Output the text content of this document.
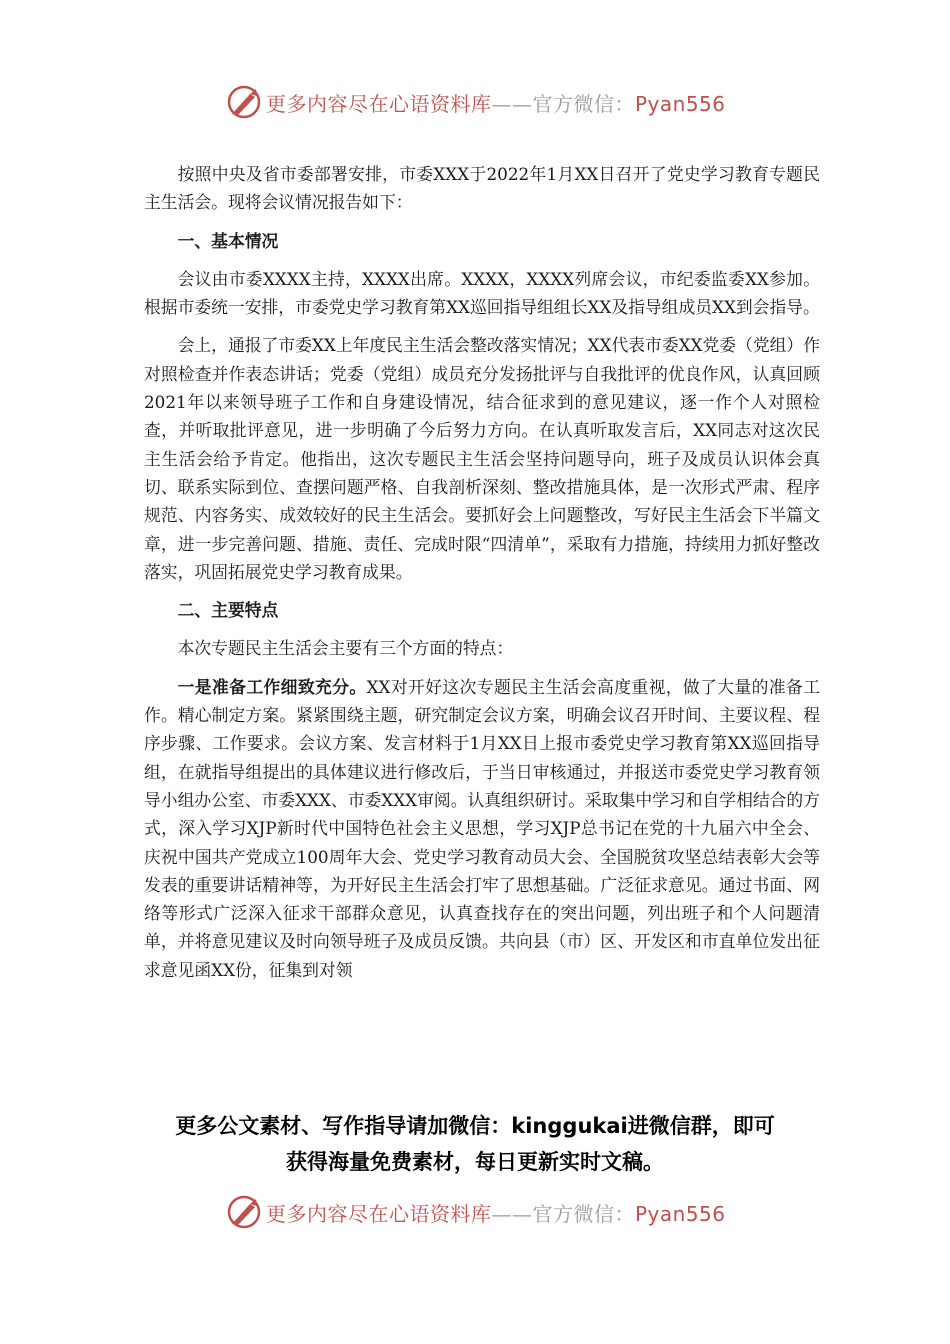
更多内容尽在心语资料库——官方微信：Pyan556

按照中央及省市委部署安排，市委XXX于2022年1月XX日召开了党史学习教育专题民主生活会。现将会议情况报告如下：

一、基本情况

会议由市委XXXX主持，XXXX出席。XXXX，XXXX列席会议，市纪委监委XX参加。根据市委统一安排，市委党史学习教育第XX巡回指导组组长XX及指导组成员XX到会指导。

会上，通报了市委XX上年度民主生活会整改落实情况；XX代表市委XX党委（党组）作对照检查并作表态讲话；党委（党组）成员充分发扬批评与自我批评的优良作风，认真回顾2021年以来领导班子工作和自身建设情况，结合征求到的意见建议，逐一作个人对照检查，并听取批评意见，进一步明确了今后努力方向。在认真听取发言后，XX同志对这次民主生活会给予肯定。他指出，这次专题民主生活会坚持问题导向，班子及成员认识体会真切、联系实际到位、查摆问题严格、自我剖析深刻、整改措施具体，是一次形式严肃、程序规范、内容务实、成效较好的民主生活会。要抓好会上问题整改，写好民主生活会下半篇文章，进一步完善问题、措施、责任、完成时限“四清单”，采取有力措施，持续用力抓好整改落实，巩固拓展党史学习教育成果。

二、主要特点

本次专题民主生活会主要有三个方面的特点：

一是准备工作细致充分。XX对开好这次专题民主生活会高度重视，做了大量的准备工作。精心制定方案。紧紧围绕主题，研究制定会议方案，明确会议召开时间、主要议程、程序步骤、工作要求。会议方案、发言材料于1月XX日上报市委党史学习教育第XX巡回指导组，在就指导组提出的具体建议进行修改后，于当日审核通过，并报送市委党史学习教育领导小组办公室、市委XXX、市委XXX审阅。认真组织研讨。采取集中学习和自学相结合的方式，深入学习XJP新时代中国特色社会主义思想，学习XJP总书记在党的十九届六中全会、庆祝中国共产党成立100周年大会、党史学习教育动员大会、全国脱贫攻坚总结表彰大会等发表的重要讲话精神等，为开好民主生活会打牢了思想基础。广泛征求意见。通过书面、网络等形式广泛深入征求干部群众意见，认真查找存在的突出问题，列出班子和个人问题清单，并将意见建议及时向领导班子及成员反馈。共向县（市）区、开发区和市直单位发出征求意见函XX份，征集到对领

更多公文素材、写作指导请加微信：kinggukai进微信群，即可
获得海量免费素材，每日更新实时文稿。
更多内容尽在心语资料库——官方微信：Pyan556
